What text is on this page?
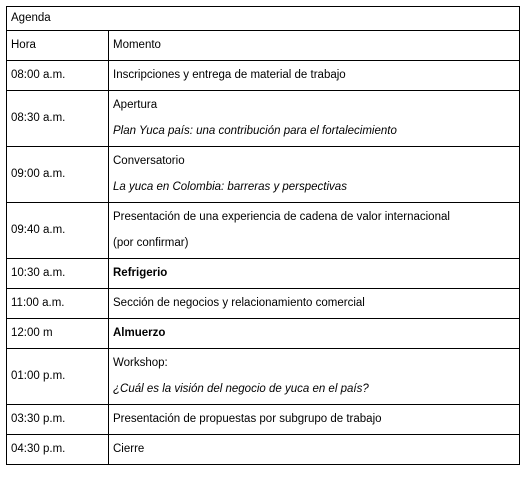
Agenda	
Hora	Momento
08:00 a.m.	Inscripciones y entrega de material de trabajo
08:30 a.m.	Apertura
Plan Yuca país: una contribución para el fortalecimiento

09:00 a.m.	Conversatorio
La yuca en Colombia: barreras y perspectivas

09:40 a.m.	Presentación de una experiencia de cadena de valor internacional
(por confirmar)

10:30 a.m.	Refrigerio
11:00 a.m.	Sección de negocios y relacionamiento comercial
12:00 m	Almuerzo
01:00 p.m.	Workshop:
¿Cuál es la visión del negocio de yuca en el país?

03:30 p.m.	Presentación de propuestas por subgrupo de trabajo
04:30 p.m.	Cierre
